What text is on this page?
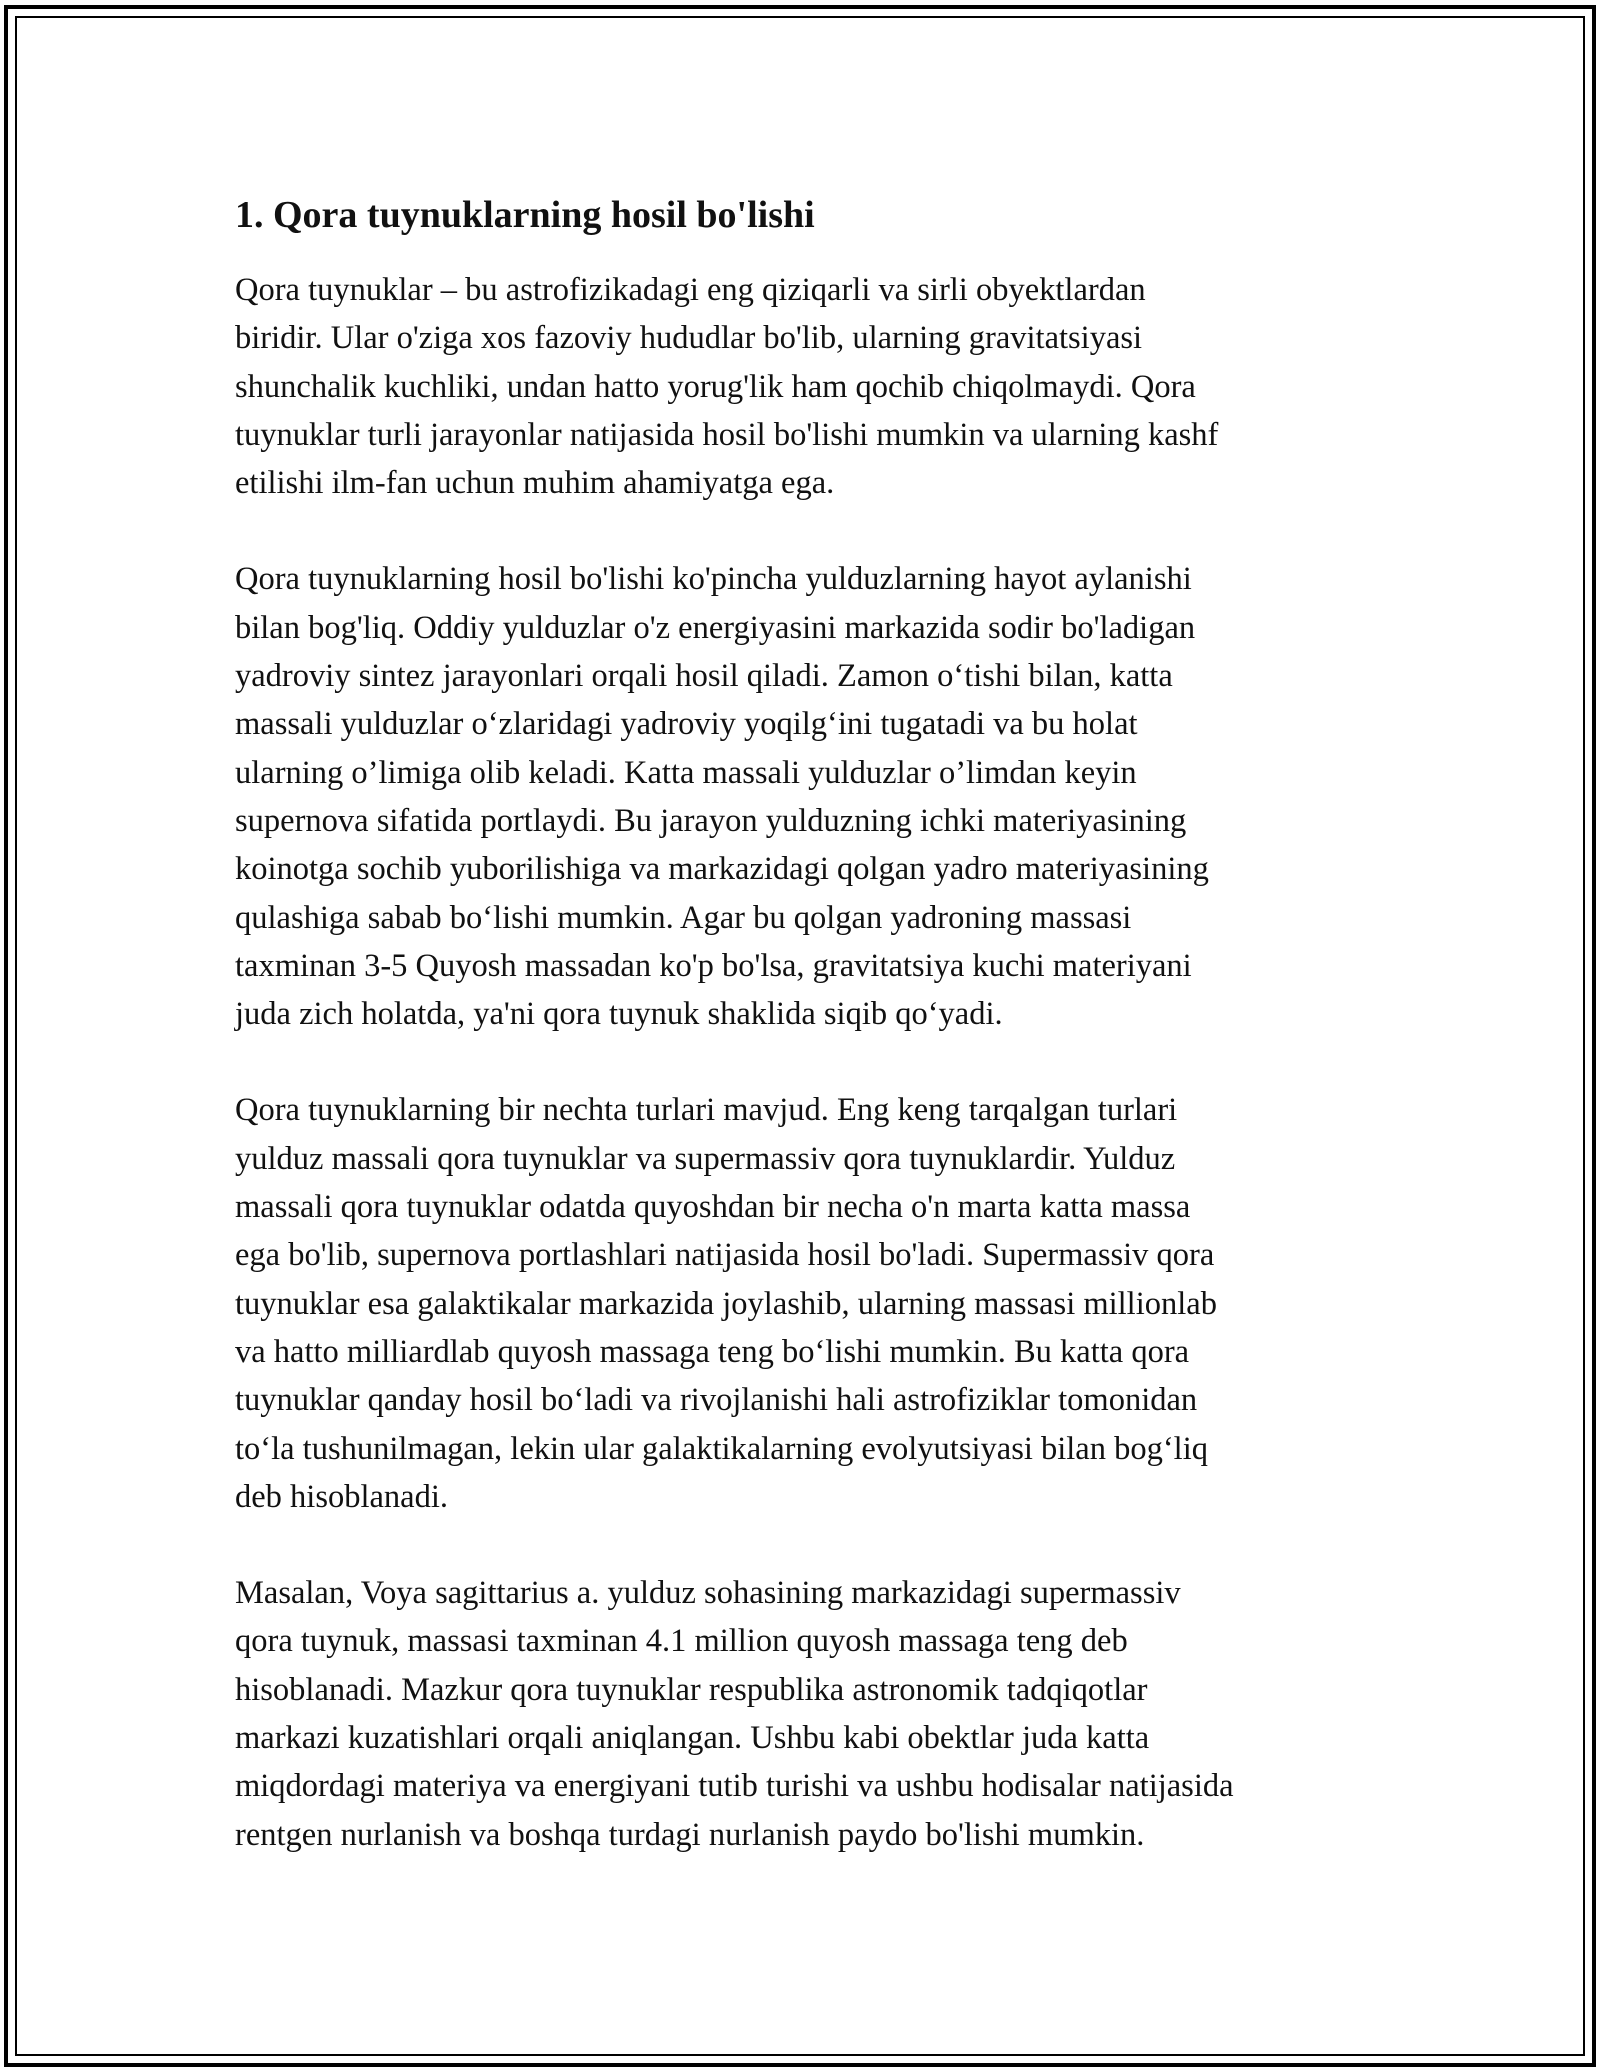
1. Qora tuynuklarning hosil bo'lishi

Qora tuynuklar – bu astrofizikadagi eng qiziqarli va sirli obyektlardan
biridir. Ular o'ziga xos fazoviy hududlar bo'lib, ularning gravitatsiyasi
shunchalik kuchliki, undan hatto yorug'lik ham qochib chiqolmaydi. Qora
tuynuklar turli jarayonlar natijasida hosil bo'lishi mumkin va ularning kashf
etilishi ilm-fan uchun muhim ahamiyatga ega.

Qora tuynuklarning hosil bo'lishi ko'pincha yulduzlarning hayot aylanishi
bilan bog'liq. Oddiy yulduzlar o'z energiyasini markazida sodir bo'ladigan
yadroviy sintez jarayonlari orqali hosil qiladi. Zamon oʻtishi bilan, katta
massali yulduzlar oʻzlaridagi yadroviy yoqilgʻini tugatadi va bu holat
ularning o’limiga olib keladi. Katta massali yulduzlar o’limdan keyin
supernova sifatida portlaydi. Bu jarayon yulduzning ichki materiyasining
koinotga sochib yuborilishiga va markazidagi qolgan yadro materiyasining
qulashiga sabab boʻlishi mumkin. Agar bu qolgan yadroning massasi
taxminan 3-5 Quyosh massadan ko'p bo'lsa, gravitatsiya kuchi materiyani
juda zich holatda, ya'ni qora tuynuk shaklida siqib qoʻyadi.

Qora tuynuklarning bir nechta turlari mavjud. Eng keng tarqalgan turlari
yulduz massali qora tuynuklar va supermassiv qora tuynuklardir. Yulduz
massali qora tuynuklar odatda quyoshdan bir necha o'n marta katta massa
ega bo'lib, supernova portlashlari natijasida hosil bo'ladi. Supermassiv qora
tuynuklar esa galaktikalar markazida joylashib, ularning massasi millionlab
va hatto milliardlab quyosh massaga teng boʻlishi mumkin. Bu katta qora
tuynuklar qanday hosil boʻladi va rivojlanishi hali astrofiziklar tomonidan
toʻla tushunilmagan, lekin ular galaktikalarning evolyutsiyasi bilan bogʻliq
deb hisoblanadi.

Masalan, Voya sagittarius a. yulduz sohasining markazidagi supermassiv
qora tuynuk, massasi taxminan 4.1 million quyosh massaga teng deb
hisoblanadi. Mazkur qora tuynuklar respublika astronomik tadqiqotlar
markazi kuzatishlari orqali aniqlangan. Ushbu kabi obektlar juda katta
miqdordagi materiya va energiyani tutib turishi va ushbu hodisalar natijasida
rentgen nurlanish va boshqa turdagi nurlanish paydo bo'lishi mumkin.
